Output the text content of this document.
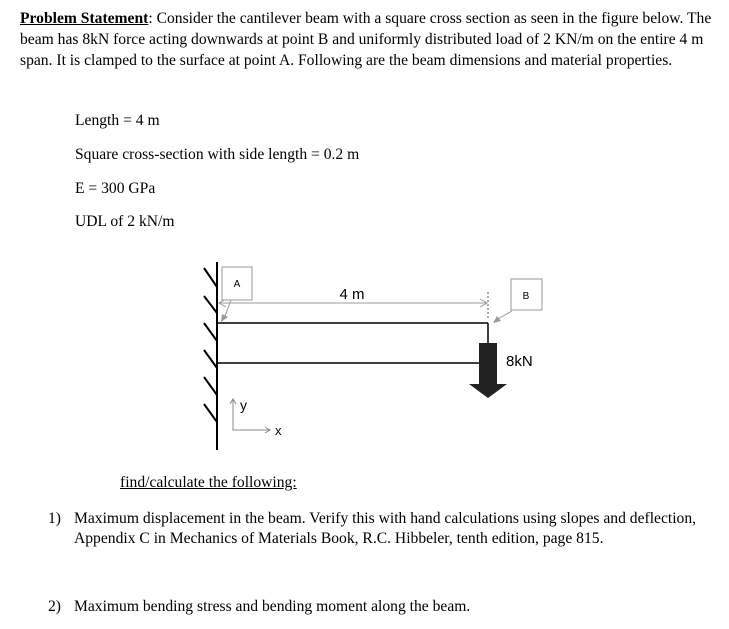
Problem Statement: Consider the cantilever beam with a square cross section as seen in the figure below. The beam has 8kN force acting downwards at point B and uniformly distributed load of 2 KN/m on the entire 4 m span. It is clamped to the surface at point A. Following are the beam dimensions and material properties.
Length = 4 m
Square cross-section with side length = 0.2 m
E = 300 GPa
UDL of 2 kN/m
4 m
A
B
8kN
y
x
find/calculate the following:
1) Maximum displacement in the beam. Verify this with hand calculations using slopes and deflection, Appendix C in Mechanics of Materials Book, R.C. Hibbeler, tenth edition, page 815.
2) Maximum bending stress and bending moment along the beam.
